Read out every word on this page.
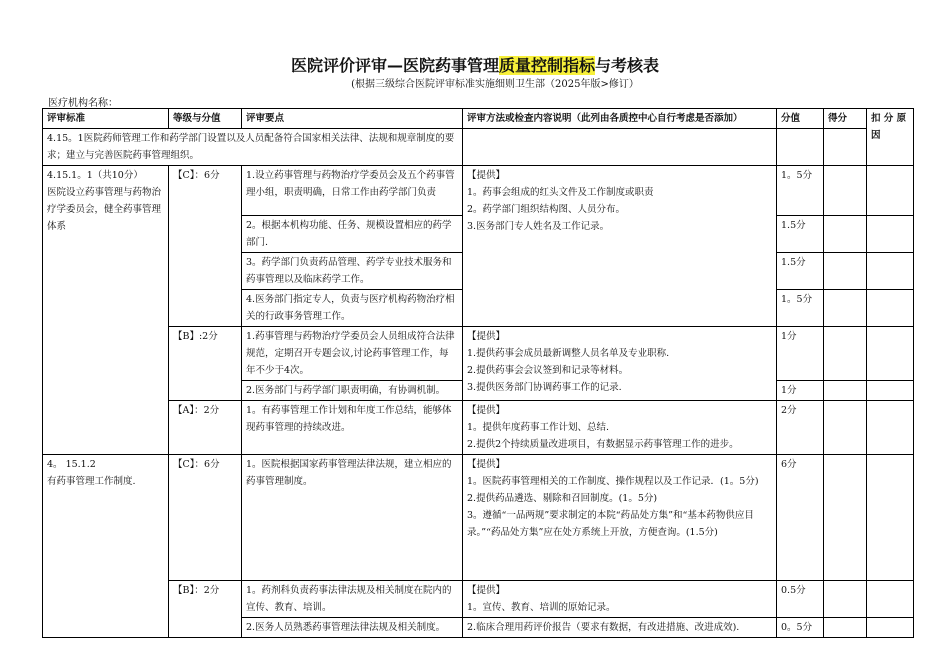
医院评价评审—医院药事管理质量控制指标与考核表
(根据三级综合医院评审标准实施细则卫生部（2025年版>修订）
医疗机构名称：
评审标准	等级与分值	评审要点	评审方法或检查内容说明（此列由各质控中心自行考虑是否添加）	分值	得分	扣 分 原因
4.15。1医院药师管理工作和药学部门设置以及人员配备符合国家相关法律、法规和规章制度的要求；建立与完善医院药事管理组织。						
4.15.1。1（共10分）
医院设立药事管理与药物治疗学委员会，健全药事管理体系	【C】：6分	1.设立药事管理与药物治疗学委员会及五个药事管理小组，职责明确，日常工作由药学部门负责	【提供】
1。药事会组成的红头文件及工作制度或职责
2。药学部门组织结构图、人员分布。
3.医务部门专人姓名及工作记录。	1。5分		
		2。根据本机构功能、任务、规模设置相应的药学部门.		1.5分		
		3。药学部门负责药品管理、药学专业技术服务和药事管理以及临床药学工作。		1.5分		
		4.医务部门指定专人，负责与医疗机构药物治疗相关的行政事务管理工作。		1。5分		
	【B】:2分	1.药事管理与药物治疗学委员会人员组成符合法律规范，定期召开专题会议,讨论药事管理工作，每年不少于4次。	【提供】
1.提供药事会成员最新调整人员名单及专业职称.
2.提供药事会会议签到和记录等材料。
3.提供医务部门协调药事工作的记录.	1分		
		2.医务部门与药学部门职责明确，有协调机制。		1分		
	【A】：2分	1。有药事管理工作计划和年度工作总结，能够体现药事管理的持续改进。	【提供】
1。提供年度药事工作计划、总结.
2.提供2个持续质量改进项目，有数据显示药事管理工作的进步。	2分		
4。 15.1.2
有药事管理工作制度.	【C】：6分	1。医院根据国家药事管理法律法规，建立相应的药事管理制度。	【提供】
1。医院药事管理相关的工作制度、操作规程以及工作记录．(1。5分)
2.提供药品遴选、剔除和召回制度。(1。5分)
3。遵循“一品两规”要求制定的本院“药品处方集”和“基本药物供应目录。”“药品处方集”应在处方系统上开放，方便查询。(1.5分)	6分		
	【B】：2分	1。药剂科负责药事法律法规及相关制度在院内的宣传、教育、培训。	【提供】
1。宣传、教育、培训的原始记录。	0.5分		
		2.医务人员熟悉药事管理法律法规及相关制度。	2.临床合理用药评价报告（要求有数据，有改进措施、改进成效).	0。5分		
